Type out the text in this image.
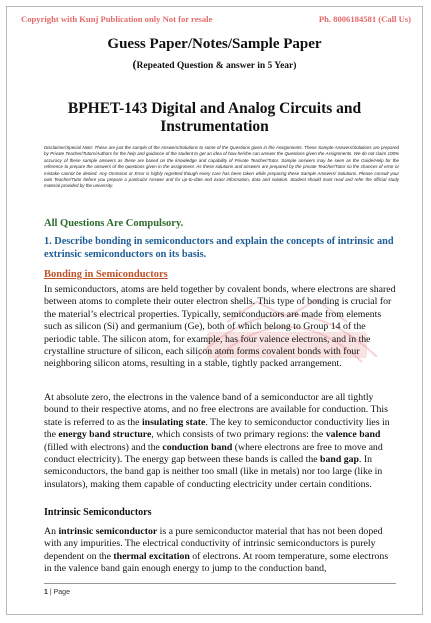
Copyright with Kunj Publication only Not for resale	Ph. 8006184581 (Call Us)
Guess Paper/Notes/Sample Paper
(Repeated Question & answer in 5 Year)
BPHET-143 Digital and Analog Circuits and Instrumentation
Disclaimer/Special Note: These are just the sample of the Answers/Solutions to some of the Questions given in the Assignments. These Sample Answers/Solutions are prepared by Private Teacher/Tutors/Authors for the help and guidance of the student to get an idea of how he/she can answer the Questions given the Assignments. We do not claim 100% accuracy of these sample answers as these are based on the knowledge and capability of Private Teacher/Tutor. Sample answers may be seen as the Guide/Help for the reference to prepare the answers of the questions given in the assignment. As these solutions and answers are prepared by the private Teacher/Tutor so the chances of error or mistake cannot be denied. Any Omission or Error is highly regretted though every care has been taken while preparing these Sample Answers/ Solutions. Please consult your own Teacher/Tutor before you prepare a particular Answer and for up-to-date and exact information, data and solution. Student should must read and refer the official study material provided by the university.
All Questions Are Compulsory.
1. Describe bonding in semiconductors and explain the concepts of intrinsic and extrinsic semiconductors on its basis.
Bonding in Semiconductors
In semiconductors, atoms are held together by covalent bonds, where electrons are shared between atoms to complete their outer electron shells. This type of bonding is crucial for the material’s electrical properties. Typically, semiconductors are made from elements such as silicon (Si) and germanium (Ge), both of which belong to Group 14 of the periodic table. The silicon atom, for example, has four valence electrons, and in the crystalline structure of silicon, each silicon atom forms covalent bonds with four neighboring silicon atoms, resulting in a stable, tightly packed arrangement.
At absolute zero, the electrons in the valence band of a semiconductor are all tightly bound to their respective atoms, and no free electrons are available for conduction. This state is referred to as the insulating state. The key to semiconductor conductivity lies in the energy band structure, which consists of two primary regions: the valence band (filled with electrons) and the conduction band (where electrons are free to move and conduct electricity). The energy gap between these bands is called the band gap. In semiconductors, the band gap is neither too small (like in metals) nor too large (like in insulators), making them capable of conducting electricity under certain conditions.
Intrinsic Semiconductors
An intrinsic semiconductor is a pure semiconductor material that has not been doped with any impurities. The electrical conductivity of intrinsic semiconductors is purely dependent on the thermal excitation of electrons. At room temperature, some electrons in the valence band gain enough energy to jump to the conduction band,
1 | Page
